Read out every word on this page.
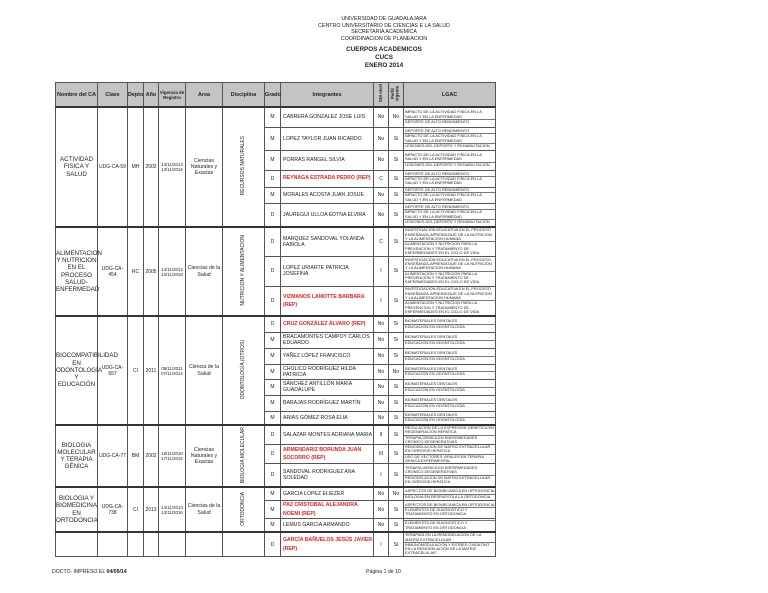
UNIVERSIDAD DE GUADALAJARA
CENTRO UNIVERSITARIO DE CIENCIAS E LA SALUD
SECRETARIA ACADEMICA
COORDINACION DE PLANEACION
CUERPOS ACADEMICOS
CUCS
ENERO 2014
Nombre del CA	Clave	Depto	Año	Vigencia de Registro	Area	Disciplina	Grado	Integrantes	SNI nivel	Perfil vigente	LGAC
ACTIVIDAD FISICA Y SALUD	UDG-CA-59	MH	2002	14/11/2013 13/11/2016	Ciencias Naturales y Exactas	RECURSOS NATURALES	M	CABRERA GONZALEZ JOSE LUIS	No	No	IMPACTO DE LA ACTIVIDAD FISICA EN LA SALUD Y EN LA ENFERMEDAD
DEPORTE DE ALTO RENDIMIENTO

							M	LOPEZ TAYLOR JUAN RICARDO	No	Si	DEPORTE DE ALTO RENDIMIENTO
IMPACTO DE LA ACTIVIDAD FISICA EN LA SALUD Y EN LA ENFERMEDAD
LESIONES DEL DEPORTE Y REHABILITACION

							M	PORRAS RANGEL SILVIA	No	Si	IMPACTO DE LA ACTIVIDAD FISICA EN LA SALUD Y EN LA ENFERMEDAD
LESIONES DEL DEPORTE Y REHABILITACION

							D	REYNAGA ESTRADA PEDRO (REP)	C	Si	DEPORTE DE ALTO RENDIMIENTO
IMPACTO DE LA ACTIVIDAD FISICA EN LA SALUD Y EN LA ENFERMEDAD

							M	MORALES ACOSTA JUAN JOSUE	No	Si	DEPORTE DE ALTO RENDIMIENTO
IMPACTO DE LA ACTIVIDAD FISICA EN LA SALUD Y EN LA ENFERMEDAD

							D	JAUREGUI ULLOA EDTNA ELVIRA	No	Si	DEPORTE DE ALTO RENDIMIENTO
IMPACTO DE LA ACTIVIDAD FISICA EN LA SALUD Y EN LA ENFERMEDAD
LESIONES DEL DEPORTE Y REHABILITACION

ALIMENTACION Y NUTRICION EN EL PROCESO SALUD-ENFERMEDAD	UDG-CA-454	RC	2005	14/11/2013 13/11/2018	Ciencias de la Salud	NUTRICION Y ALIMENTACION	D	MARQUEZ SANDOVAL YOLANDA FABIOLA	C	Si	INVESTIGACION EDUCATIVA EN EL PROCESO ENSEÑANZA-APRENDIZAJE DE LA NUTRICION Y LA ALIMENTACION HUMANA
ALIMENTACION Y NUTRICION PARA LA PREVENCION Y TRATAMIENTO DE ENFERMEDADES EN EL CICLO DE VIDA

							D	LOPEZ URIARTE PATRICIA JOSEFINA	I	Si	INVESTIGACION EDUCATIVA EN EL PROCESO ENSEÑANZA-APRENDIZAJE DE LA NUTRICION Y LA ALIMENTACION HUMANA
ALIMENTACION Y NUTRICION PARA LA PREVENCION Y TRATAMIENTO DE ENFERMEDADES EN EL CICLO DE VIDA

							D	VIZMANOS LAMOTTE BARBARA (REP)	I	Si	INVESTIGACION EDUCATIVA EN EL PROCESO ENSEÑANZA-APRENDIZAJE DE LA NUTRICION Y LA ALIMENTACION HUMANA
ALIMENTACION Y NUTRICION PARA LA PREVENCION Y TRATAMIENTO DE ENFERMEDADES EN EL CICLO DE VIDA

BIOCOMPATIBILIDAD EN ODONTOLOGÍA Y EDUCACIÓN	UDG-CA-657	CI	2011	08/11/2011 07/11/2014	Ciencia de la Salud	ODONTOLOGÍA (OTROS)	D	CRUZ GONZÁLEZ ÁLVARO (REP)	No	Si	BIOMATERIALES DENTALES
EDUCACIÓN EN ODONTOLOGÍA

							M	BRACAMONTES CAMPOY CARLOS EDUARDO	No	Si	BIOMATERIALES DENTALES
EDUCACIÓN EN ODONTOLOGÍA

							M	YAÑEZ LÓPEZ FRANCISCO	No	Si	BIOMATERIALES DENTALES
EDUCACIÓN EN ODONTOLOGÍA

							M	CHOLICO RODRÍGUEZ HILDA PATRICIA	No	No	BIOMATERIALES DENTALES
EDUCACIÓN EN ODONTOLOGÍA

							M	SÁNCHEZ ANTILLÓN MARÍA GUADALUPE	No	Si	BIOMATERIALES DENTALES
EDUCACIÓN EN ODONTOLOGÍA

							M	BARAJAS RODRÍGUEZ MARTÍN	No	Si	BIOMATERIALES DENTALES
EDUCACIÓN EN ODONTOLOGÍA

							M	ARIAS GÓMEZ ROSA ELIA	No	Si	BIOMATERIALES DENTALES
EDUCACIÓN EN ODONTOLOGÍA

BIOLOGIA MOLECULAR Y TERAPIA GÉNICA	UDG-CA-77	BM	2002	18/11/2010 17/11/2015	Ciencias Naturales y Exactas	BIOLOGIA MOLECULAR	D	SALAZAR MONTES ADRIANA MARIA	II	Si	REGULACION DE LA EXPRESION GENETICA EN REGENERACION HEPATICA
TERAPIA GENICA EN ENFERMEDADES CRONICO DEGENERATIVAS

							D	ARMENDARIZ BORUNDA JUAN SOCORRO (REP)	III	Si	REMODELACION DE MATRIZ EXTRACELULAR EN CIRROSIS HEPATICA
USO DE VECTORES VIRALES EN TERAPIA GENICA EXPERIMENTAL

							D	SANDOVAL RODRIGUEZ ANA SOLEDAD	I	Si	TERAPIA GENICA EN ENFERMEDADES CRONICO DEGENERATIVAS
REMODELACION DE MATRIZ EXTRACELULAR EN CIRROSIS HEPATICA

BIOLOGIA Y BIOMEDICINA EN ORTODONCIA	UDG-CA-738	CI	2013	14/11/2013 13/11/2016	Ciencias de la Salud	ORTODONCIA	M	GARCIA LOPEZ ELIEZER	No	No	ASPECTOS DE BIOMECANICA EN ORTODONCIA
BIOLOGIA EN RESPUESTA A LA ORTODONCIA

							M	PAZ CRISTOBAL ALEJANDRA NOEMI (REP)	No	Si	ASPECTOS DE BIOMECANICA EN ORTODONCIA
ELEMENTOS DE DIAGNOSTICO Y TRATAMIENTO EN ORTODONCIA

							M	LEMUS GARCIA ARMANDO	No	Si	ELEMENTOS DE DIAGNOSTICO Y TRATAMIENTO EN ORTODONCIA

							D	GARCÍA BAÑUELOS JESÚS JAVIER (REP)	I	Si	TERAPIAS EN LA REMODELACION DE LA MATRIZ EXTRACELULAR
INMUNOMODULACION Y ESTRES OXIDATIVO EN LA REMODELACIÓN DE LA MATRIZ EXTRACELULAR
DOCTO. IMPRESO EL 04/09/14	Página 1 de 10
